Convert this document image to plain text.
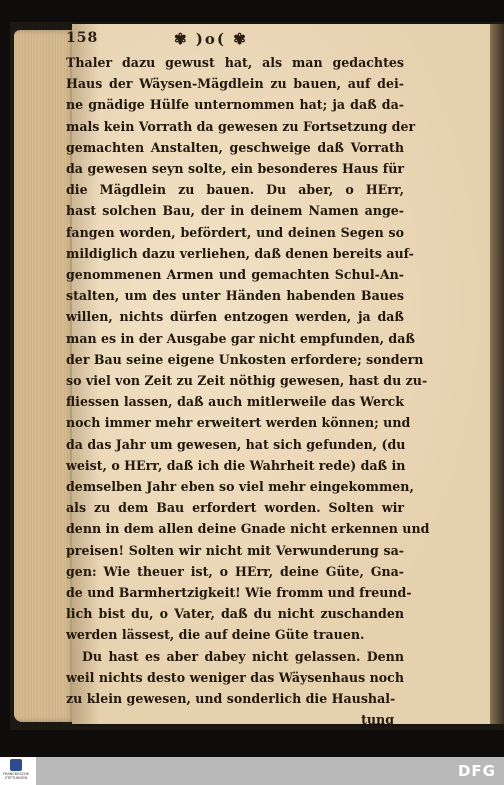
158	✾ )o( ✾
Thaler dazu gewust hat, als man gedachtes
Haus der Wäysen-Mägdlein zu bauen, auf dei-
ne gnädige Hülfe unternommen hat; ja daß da-
mals kein Vorrath da gewesen zu Fortsetzung der
gemachten Anstalten, geschweige daß Vorrath
da gewesen seyn solte, ein besonderes Haus für
die Mägdlein zu bauen. Du aber, o HErr,
hast solchen Bau, der in deinem Namen ange-
fangen worden, befördert, und deinen Segen so
mildiglich dazu verliehen, daß denen bereits auf-
genommenen Armen und gemachten Schul-An-
stalten, um des unter Händen habenden Baues
willen, nichts dürfen entzogen werden, ja daß
man es in der Ausgabe gar nicht empfunden, daß
der Bau seine eigene Unkosten erfordere; sondern
so viel von Zeit zu Zeit nöthig gewesen, hast du zu-
fliessen lassen, daß auch mitlerweile das Werck
noch immer mehr erweitert werden können; und
da das Jahr um gewesen, hat sich gefunden, (du
weist, o HErr, daß ich die Wahrheit rede) daß in
demselben Jahr eben so viel mehr eingekommen,
als zu dem Bau erfordert worden. Solten wir
denn in dem allen deine Gnade nicht erkennen und
preisen! Solten wir nicht mit Verwunderung sa-
gen: Wie theuer ist, o HErr, deine Güte, Gna-
de und Barmhertzigkeit! Wie fromm und freund-
lich bist du, o Vater, daß du nicht zuschanden
werden lässest, die auf deine Güte trauen.
Du hast es aber dabey nicht gelassen. Denn
weil nichts desto weniger das Wäysenhaus noch
zu klein gewesen, und sonderlich die Haushal-
tung
FRANCKESCHE STIFTUNGEN	DFG
